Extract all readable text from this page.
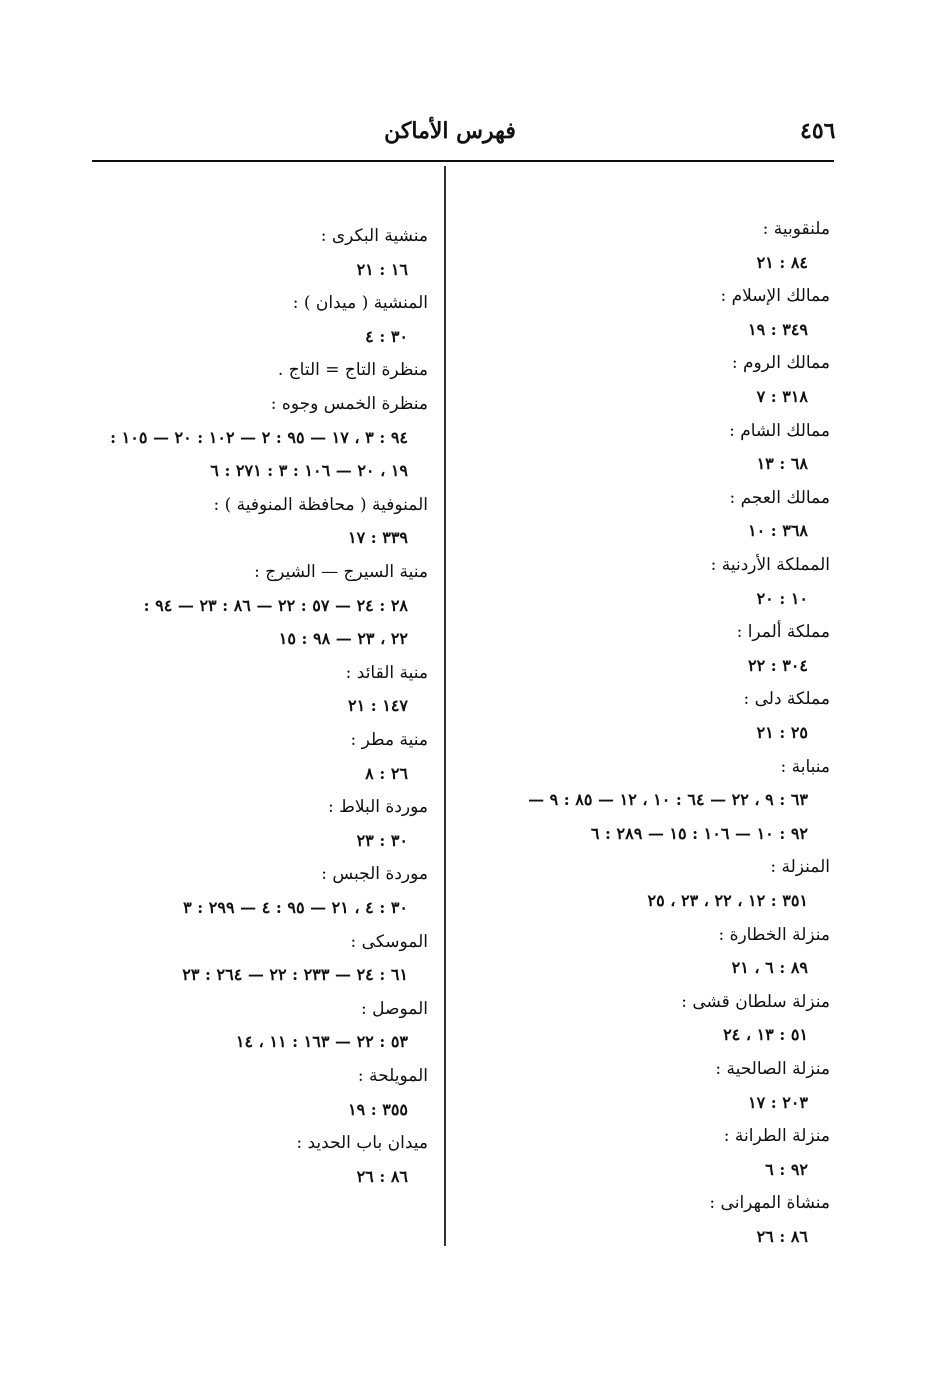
٤٥٦
فهرس الأماكن
ملنقوبية :
٨٤ : ٢١
ممالك الإسلام :
٣٤٩ : ١٩
ممالك الروم :
٣١٨ : ٧
ممالك الشام :
٦٨ : ١٣
ممالك العجم :
٣٦٨ : ١٠
المملكة الأردنية :
١٠ : ٢٠
مملكة ألمرا :
٣٠٤ : ٢٢
مملكة دلى :
٢٥ : ٢١
منبابة :
٦٣ : ٩ ، ٢٢ — ٦٤ : ١٠ ، ١٢ — ٨٥ : ٩ —
٩٢ : ١٠ — ١٠٦ : ١٥ — ٢٨٩ : ٦
المنزلة :
٣٥١ : ١٢ ، ٢٢ ، ٢٣ ، ٢٥
منزلة الخطارة :
٨٩ : ٦ ، ٢١
منزلة سلطان قشى :
٥١ : ١٣ ، ٢٤
منزلة الصالحية :
٢٠٣ : ١٧
منزلة الطرانة :
٩٢ : ٦
منشاة المهرانى :
٨٦ : ٢٦
منشية البكرى :
١٦ : ٢١
المنشية ( ميدان ) :
٣٠ : ٤
منظرة التاج = التاج .
منظرة الخمس وجوه :
٩٤ : ٣ ، ١٧ — ٩٥ : ٢ — ١٠٢ : ٢٠ — ١٠٥ :
١٩ ، ٢٠ — ١٠٦ : ٣ : ٢٧١ : ٦
المنوفية ( محافظة المنوفية ) :
٣٣٩ : ١٧
منية السيرج — الشيرج :
٢٨ : ٢٤ — ٥٧ : ٢٢ — ٨٦ : ٢٣ — ٩٤ :
٢٢ ، ٢٣ — ٩٨ : ١٥
منية القائد :
١٤٧ : ٢١
منية مطر :
٢٦ : ٨
موردة البلاط :
٣٠ : ٢٣
موردة الجبس :
٣٠ : ٤ ، ٢١ — ٩٥ : ٤ — ٢٩٩ : ٣
الموسكى :
٦١ : ٢٤ — ٢٣٣ : ٢٢ — ٢٦٤ : ٢٣
الموصل :
٥٣ : ٢٢ — ١٦٣ : ١١ ، ١٤
المويلحة :
٣٥٥ : ١٩
ميدان باب الحديد :
٨٦ : ٢٦
